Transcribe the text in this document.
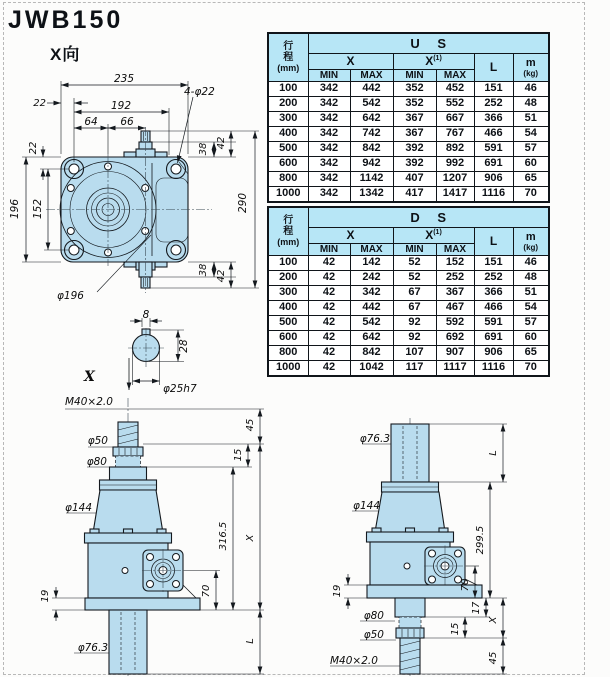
JWB150
X向
235
22	192
64 66
4-φ22
22
196 152
φ196
290
38 42
38 42
8
28
φ25h7
X
M40×2.0
φ50
φ80
φ144
19
φ76.3
45
15
X
316.5
70
L
φ76.3
φ144
19
φ80
φ50
M40×2.0
L
299.5
70
17
X
15
45
行
程
(mm)	U S					
	X		$X^{(1)}$		L	m
(kg)

	MIN	MAX	MIN	MAX		
100	342	442	352	452	151	46
200	342	542	352	552	252	48
300	342	642	367	667	366	51
400	342	742	367	767	466	54
500	342	842	392	892	591	57
600	342	942	392	992	691	60
800	342	1142	407	1207	906	65
1000	342	1342	417	1417	1116	70
行
程
(mm)	D S					
	X		$X^{(1)}$		L	m
(kg)

	MIN	MAX	MIN	MAX		
100	42	142	52	152	151	46
200	42	242	52	252	252	48
300	42	342	67	367	366	51
400	42	442	67	467	466	54
500	42	542	92	592	591	57
600	42	642	92	692	691	60
800	42	842	107	907	906	65
1000	42	1042	117	1117	1116	70
